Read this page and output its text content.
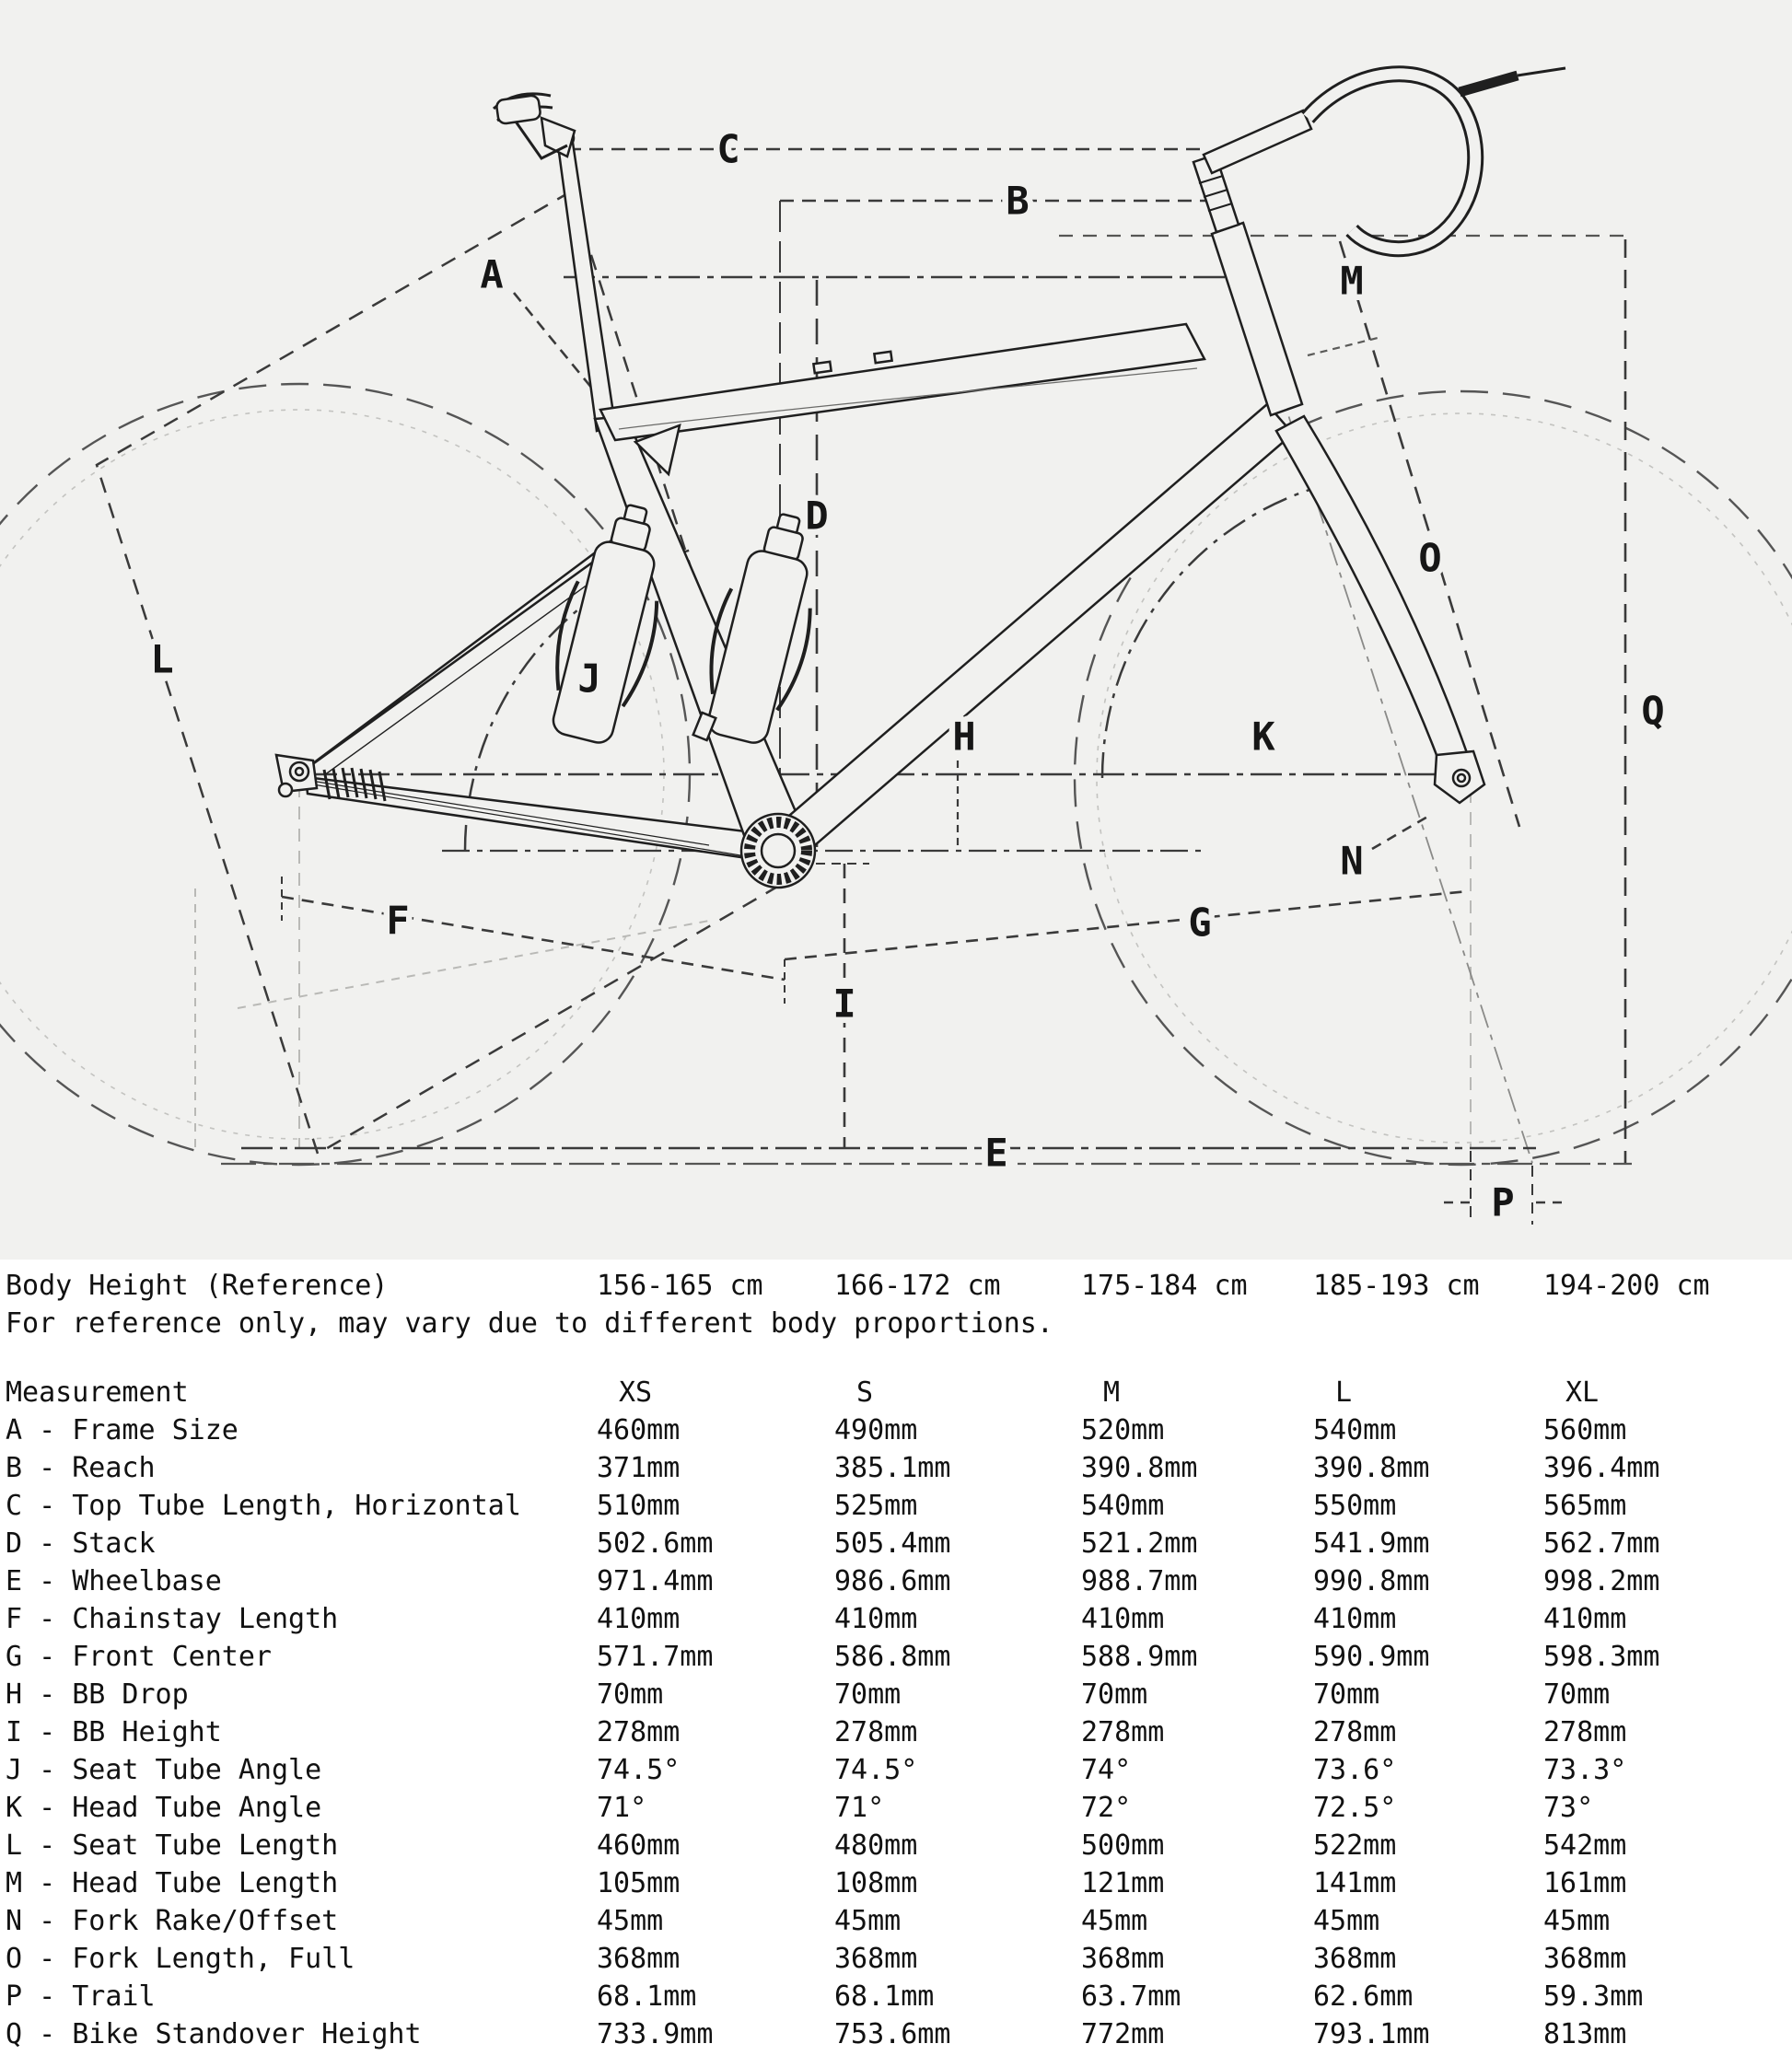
A
B
C
D
E
F	G
H
I
J
K
L
M
N
O
P
Q
Body Height (Reference)	156-165 cm	166-172 cm	175-184 cm	185-193 cm	194-200 cm
For reference only, may vary due to different body proportions.
Measurement	XS	S	M	L	XL
A - Frame Size	460mm	490mm	520mm	540mm	560mm
B - Reach	371mm	385.1mm	390.8mm	390.8mm	396.4mm
C - Top Tube Length, Horizontal	510mm	525mm	540mm	550mm	565mm
D - Stack	502.6mm	505.4mm	521.2mm	541.9mm	562.7mm
E - Wheelbase	971.4mm	986.6mm	988.7mm	990.8mm	998.2mm
F - Chainstay Length	410mm	410mm	410mm	410mm	410mm
G - Front Center	571.7mm	586.8mm	588.9mm	590.9mm	598.3mm
H - BB Drop	70mm	70mm	70mm	70mm	70mm
I - BB Height	278mm	278mm	278mm	278mm	278mm
J - Seat Tube Angle	74.5°	74.5°	74°	73.6°	73.3°
K - Head Tube Angle	71°	71°	72°	72.5°	73°
L - Seat Tube Length	460mm	480mm	500mm	522mm	542mm
M - Head Tube Length	105mm	108mm	121mm	141mm	161mm
N - Fork Rake/Offset	45mm	45mm	45mm	45mm	45mm
O - Fork Length, Full	368mm	368mm	368mm	368mm	368mm
P - Trail	68.1mm	68.1mm	63.7mm	62.6mm	59.3mm
Q - Bike Standover Height	733.9mm	753.6mm	772mm	793.1mm	813mm
